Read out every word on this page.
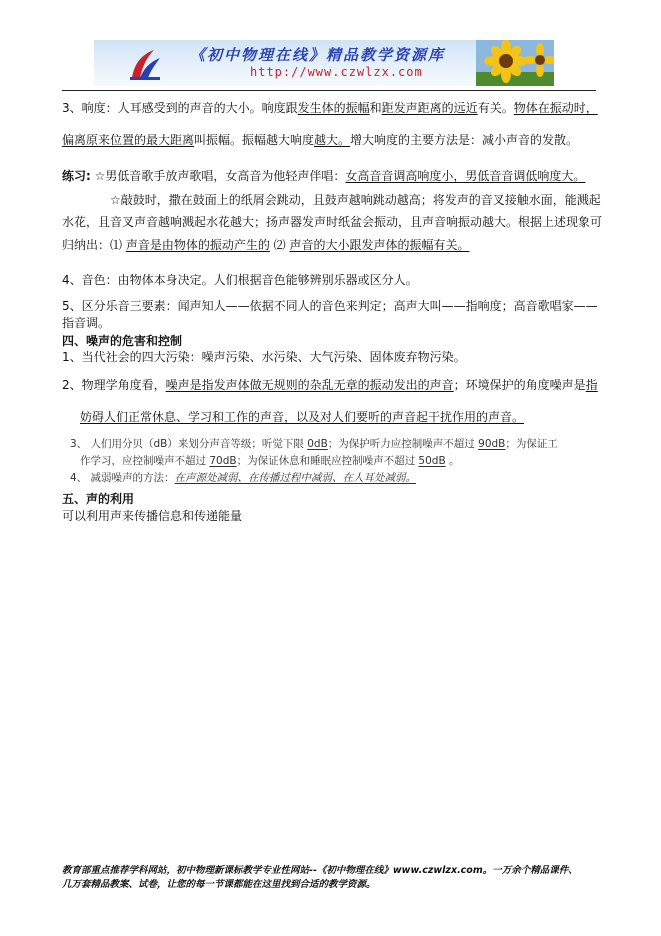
《初中物理在线》精品教学资源库
http://www.czwlzx.com
3、响度：人耳感受到的声音的大小。响度跟发生体的振幅和距发声距离的远近有关。物体在振动时，
偏离原来位置的最大距离叫振幅。振幅越大响度越大。增大响度的主要方法是：减小声音的发散。
练习: ☆男低音歌手放声歌唱，女高音为他轻声伴唱：女高音音调高响度小，男低音音调低响度大。
☆敲鼓时，撒在鼓面上的纸屑会跳动，且鼓声越响跳动越高；将发声的音叉接触水面，能溅起
水花，且音叉声音越响溅起水花越大；扬声器发声时纸盆会振动，且声音响振动越大。根据上述现象可
归纳出：⑴ 声音是由物体的振动产生的 ⑵ 声音的大小跟发声体的振幅有关。
4、音色：由物体本身决定。人们根据音色能够辨别乐器或区分人。
5、区分乐音三要素：闻声知人——依据不同人的音色来判定；高声大叫——指响度；高音歌唱家——
指音调。
四、噪声的危害和控制
1、当代社会的四大污染：噪声污染、水污染、大气污染、固体废弃物污染。
2、物理学角度看，噪声是指发声体做无规则的杂乱无章的振动发出的声音；环境保护的角度噪声是指
妨碍人们正常休息、学习和工作的声音，以及对人们要听的声音起干扰作用的声音。
3、 人们用分贝（dB）来划分声音等级；听觉下限 0dB；为保护听力应控制噪声不超过 90dB；为保证工
作学习，应控制噪声不超过 70dB；为保证休息和睡眠应控制噪声不超过 50dB 。
4、 减弱噪声的方法：在声源处减弱、在传播过程中减弱、在人耳处减弱。
五、声的利用
可以利用声来传播信息和传递能量
教育部重点推荐学科网站，初中物理新课标教学专业性网站--《初中物理在线》www.czwlzx.com。一万余个精品课件、
几万套精品教案、试卷，让您的每一节课都能在这里找到合适的教学资源。
